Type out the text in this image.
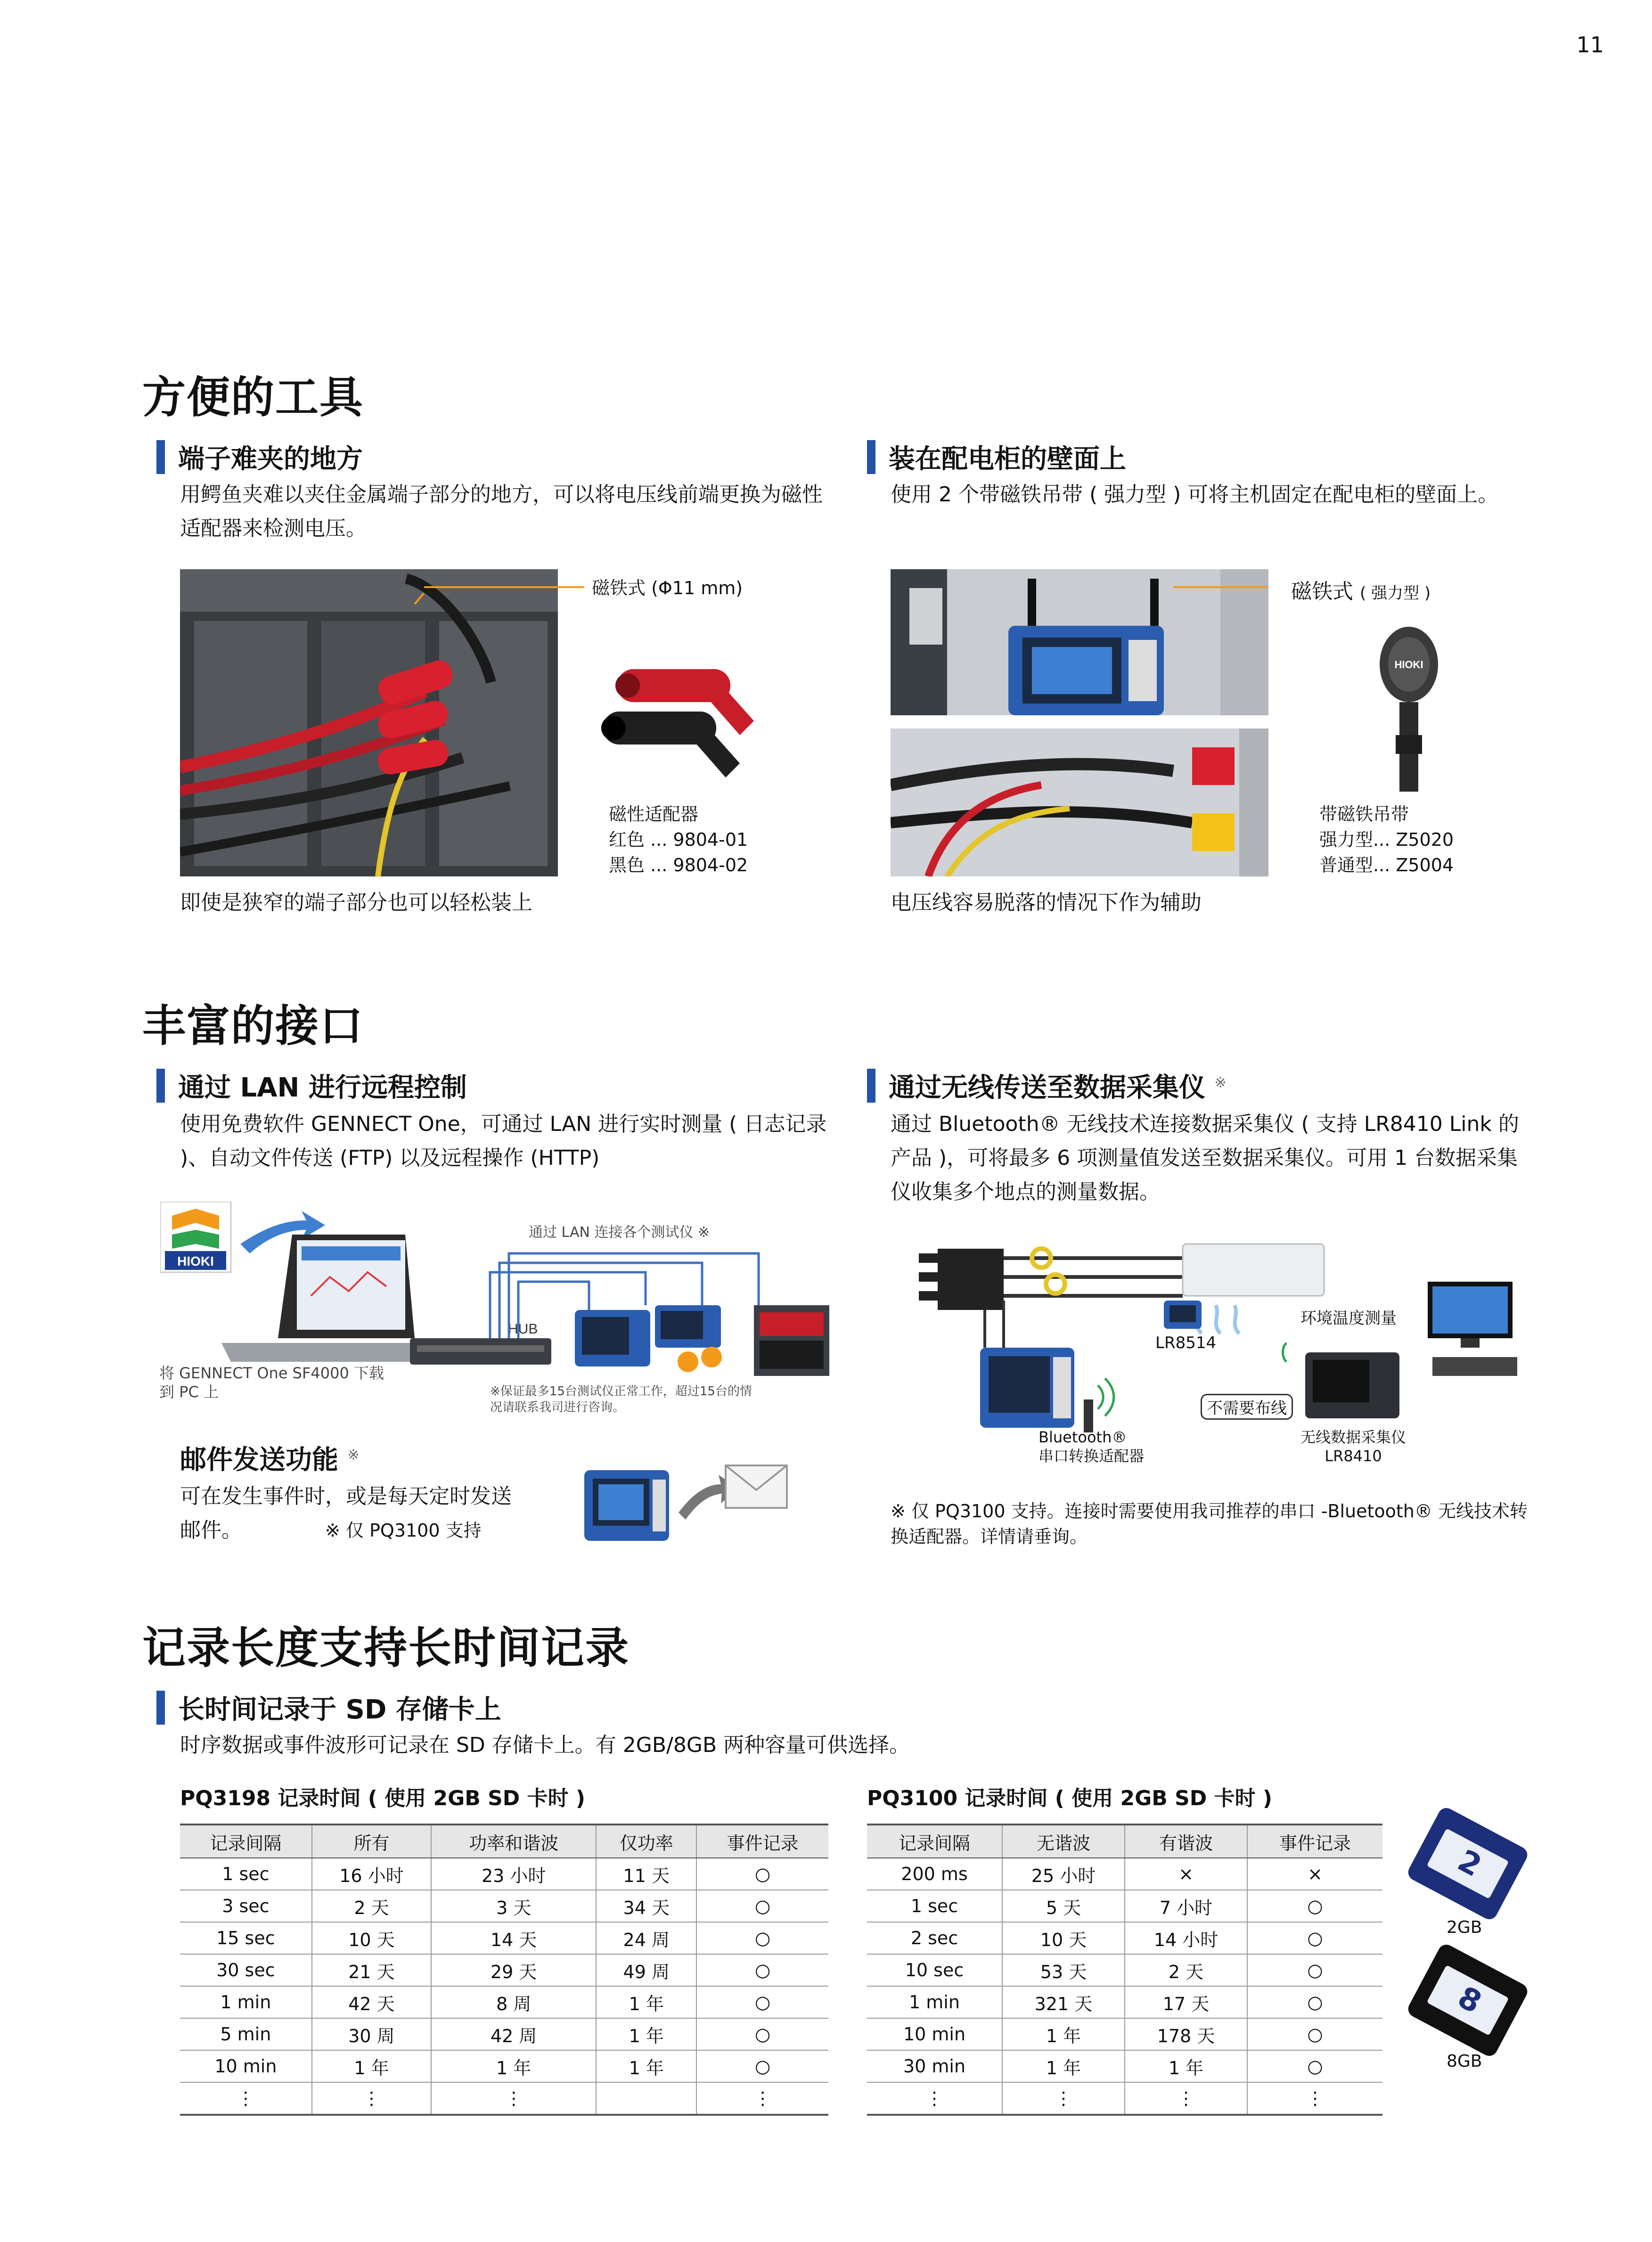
11
方便的工具
端子难夹的地方
用鳄鱼夹难以夹住金属端子部分的地方，可以将电压线前端更换为磁性适配器来检测电压。
磁铁式 (Φ11 mm)
磁性适配器
红色 ... 9804-01
黑色 ... 9804-02
即使是狭窄的端子部分也可以轻松装上
装在配电柜的壁面上
使用 2 个带磁铁吊带 ( 强力型 ) 可将主机固定在配电柜的壁面上。
磁铁式 ( 强力型 )
HIOKI
带磁铁吊带
强力型... Z5020
普通型... Z5004
电压线容易脱落的情况下作为辅助
丰富的接口
通过 LAN 进行远程控制
使用免费软件 GENNECT One，可通过 LAN 进行实时测量 ( 日志记录 )、自动文件传送 (FTP) 以及远程操作 (HTTP)
HIOKI
HUB
通过 LAN 连接各个测试仪 ※
将 GENNECT One SF4000 下载到 PC 上	※保证最多15台测试仪正常工作，超过15台的情况请联系我司进行咨询。
邮件发送功能 ※
可在发生事件时，或是每天定时发送邮件。	※ 仅 PQ3100 支持
通过无线传送至数据采集仪 ※
通过 Bluetooth® 无线技术连接数据采集仪 ( 支持 LR8410 Link 的产品 )，可将最多 6 项测量值发送至数据采集仪。可用 1 台数据采集仪收集多个地点的测量数据。
环境温度测量
LR8514
不需要布线
Bluetooth®
串口转换适配器
无线数据采集仪
LR8410
※ 仅 PQ3100 支持。连接时需要使用我司推荐的串口 -Bluetooth® 无线技术转换适配器。详情请垂询。
记录长度支持长时间记录
长时间记录于 SD 存储卡上
时序数据或事件波形可记录在 SD 存储卡上。有 2GB/8GB 两种容量可供选择。
PQ3198 记录时间 ( 使用 2GB SD 卡时 )
记录间隔	所有	功率和谐波	仅功率	事件记录
1 sec	16 小时	23 小时	11 天	○
3 sec	2 天	3 天	34 天	○
15 sec	10 天	14 天	24 周	○
30 sec	21 天	29 天	49 周	○
1 min	42 天	8 周	1 年	○
5 min	30 周	42 周	1 年	○
10 min	1 年	1 年	1 年	○
⋮	⋮	⋮		⋮
PQ3100 记录时间 ( 使用 2GB SD 卡时 )
记录间隔	无谐波	有谐波	事件记录
200 ms	25 小时	×	×
1 sec	5 天	7 小时	○
2 sec	10 天	14 小时	○
10 sec	53 天	2 天	○
1 min	321 天	17 天	○
10 min	1 年	178 天	○
30 min	1 年	1 年	○
⋮	⋮	⋮	⋮
2
2GB
8
8GB
